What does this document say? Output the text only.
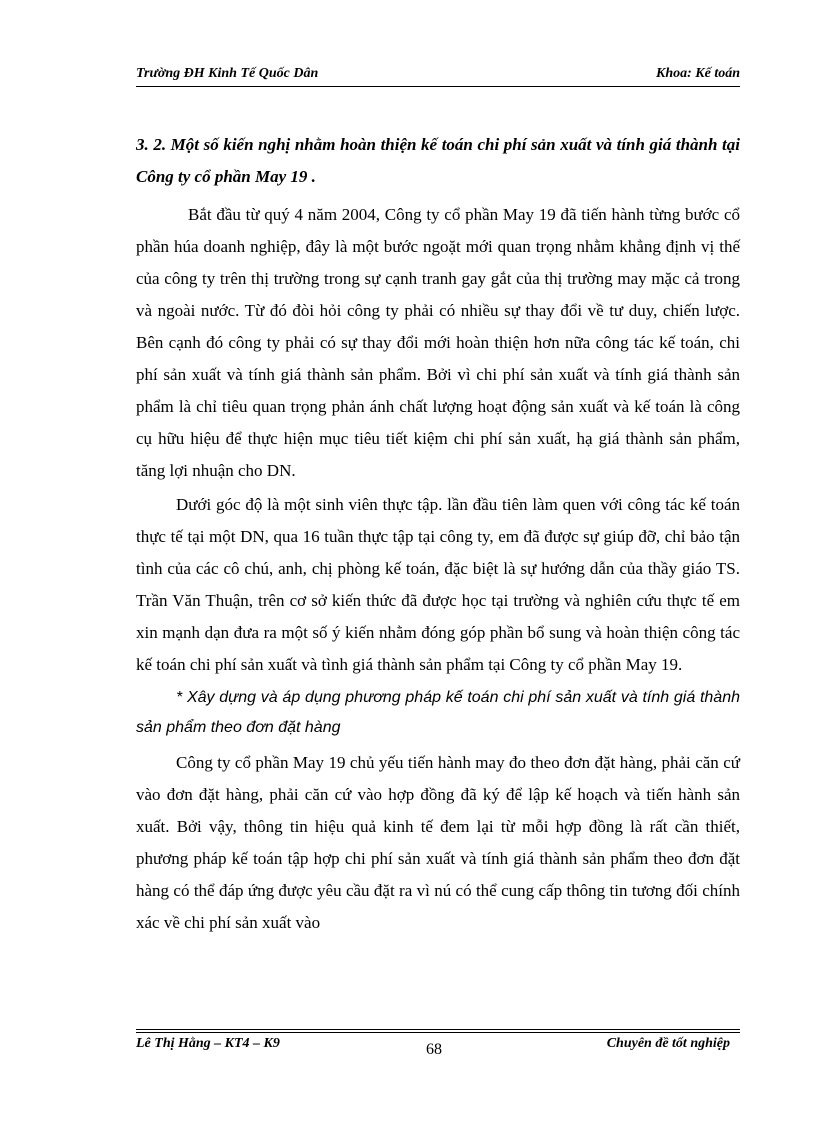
Trường ĐH Kinh Tế Quốc Dân	Khoa: Kế toán
3. 2. Một số kiến nghị nhằm hoàn thiện kế toán chi phí sản xuất và tính giá thành tại Công ty cổ phần May 19 .

Bắt đầu từ quý 4 năm 2004, Công ty cổ phần May 19 đã tiến hành từng bước cổ phần húa doanh nghiệp, đây là một bước ngoặt mới quan trọng nhằm khẳng định vị thế của công ty trên thị trường trong sự cạnh tranh gay gắt của thị trường may mặc cả trong và ngoài nước. Từ đó đòi hỏi công ty phải có nhiều sự thay đổi về tư duy, chiến lược. Bên cạnh đó công ty phải có sự thay đổi mới hoàn thiện hơn nữa công tác kế toán, chi phí sản xuất và tính giá thành sản phẩm. Bởi vì chi phí sản xuất và tính giá thành sản phẩm là chỉ tiêu quan trọng phản ánh chất lượng hoạt động sản xuất và kế toán là công cụ hữu hiệu để thực hiện mục tiêu tiết kiệm chi phí sản xuất, hạ giá thành sản phẩm, tăng lợi nhuận cho DN.

Dưới góc độ là một sinh viên thực tập. lần đầu tiên làm quen với công tác kế toán thực tế tại một DN, qua 16 tuần thực tập tại công ty, em đã được sự giúp đỡ, chỉ bảo tận tình của các cô chú, anh, chị phòng kế toán, đặc biệt là sự hướng dẫn của thầy giáo TS. Trần Văn Thuận, trên cơ sở kiến thức đã được học tại trường và nghiên cứu thực tế em xin mạnh dạn đưa ra một số ý kiến nhằm đóng góp phần bổ sung và hoàn thiện công tác kế toán chi phí sản xuất và tình giá thành sản phẩm tại Công ty cổ phần May 19.

* Xây dựng và áp dụng phương pháp kế toán chi phí sản xuất và tính giá thành sản phẩm theo đơn đặt hàng

Công ty cổ phần May 19 chủ yếu tiến hành may đo theo đơn đặt hàng, phải căn cứ vào đơn đặt hàng, phải căn cứ vào hợp đồng đã ký để lập kế hoạch và tiến hành sản xuất. Bởi vậy, thông tin hiệu quả kinh tế đem lại từ mỗi hợp đồng là rất cần thiết, phương pháp kế toán tập hợp chi phí sản xuất và tính giá thành sản phẩm theo đơn đặt hàng có thể đáp ứng được yêu cầu đặt ra vì nú có thể cung cấp thông tin tương đối chính xác về chi phí sản xuất vào

Lê Thị Hằng – KT4 – K9	68	Chuyên đề tốt nghiệp
